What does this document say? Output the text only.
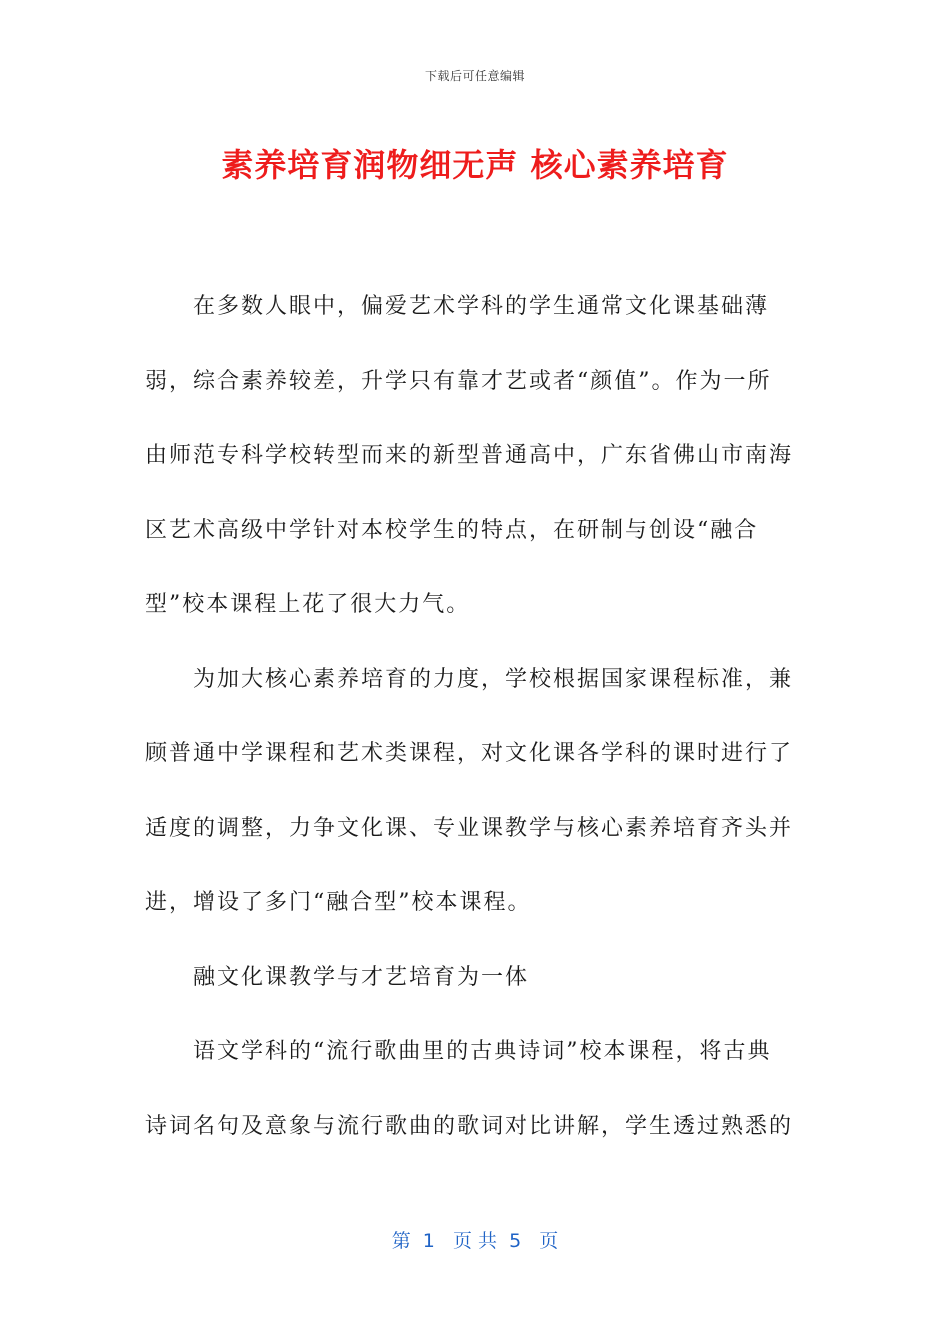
下载后可任意编辑
素养培育润物细无声 核心素养培育

在多数人眼中，偏爱艺术学科的学生通常文化课基础薄弱，综合素养较差，升学只有靠才艺或者“颜值”。作为一所由师范专科学校转型而来的新型普通高中，广东省佛山市南海区艺术高级中学针对本校学生的特点，在研制与创设“融合型”校本课程上花了很大力气。

为加大核心素养培育的力度，学校根据国家课程标准，兼顾普通中学课程和艺术类课程，对文化课各学科的课时进行了适度的调整，力争文化课、专业课教学与核心素养培育齐头并进，增设了多门“融合型”校本课程。

融文化课教学与才艺培育为一体

语文学科的“流行歌曲里的古典诗词”校本课程，将古典诗词名句及意象与流行歌曲的歌词对比讲解，学生透过熟悉的

第  1   页 共  5   页
